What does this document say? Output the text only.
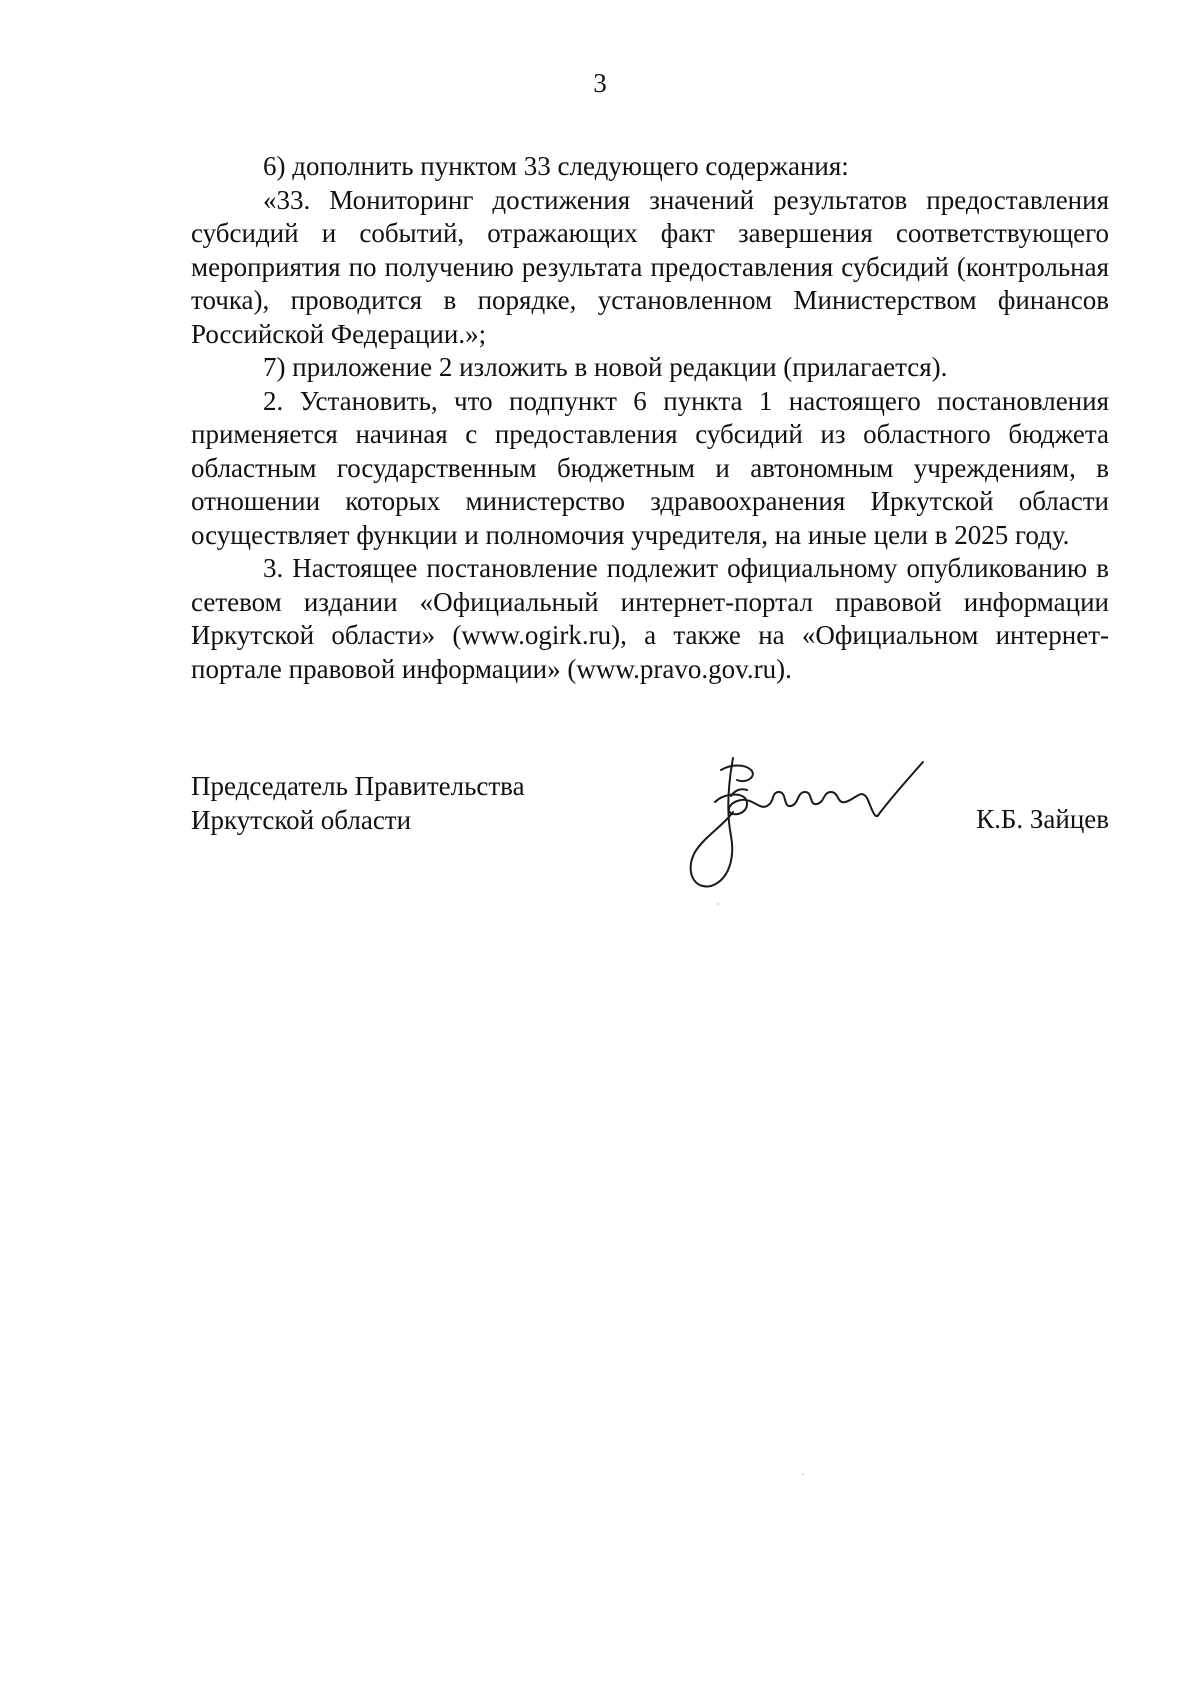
3

6) дополнить пунктом 33 следующего содержания:

«33. Мониторинг достижения значений результатов предоставления субсидий и событий, отражающих факт завершения соответствующего мероприятия по получению результата предоставления субсидий (контрольная точка), проводится в порядке, установленном Министерством финансов Российской Федерации.»;

7) приложение 2 изложить в новой редакции (прилагается).

2. Установить, что подпункт 6 пункта 1 настоящего постановления применяется начиная с предоставления субсидий из областного бюджета областным государственным бюджетным и автономным учреждениям, в отношении которых министерство здравоохранения Иркутской области осуществляет функции и полномочия учредителя, на иные цели в 2025 году.

3. Настоящее постановление подлежит официальному опубликованию в сетевом издании «Официальный интернет-портал правовой информации Иркутской области» (www.ogirk.ru), а также на «Официальном интернет-портале правовой информации» (www.pravo.gov.ru).

Председатель Правительства
Иркутской области	К.Б. Зайцев
